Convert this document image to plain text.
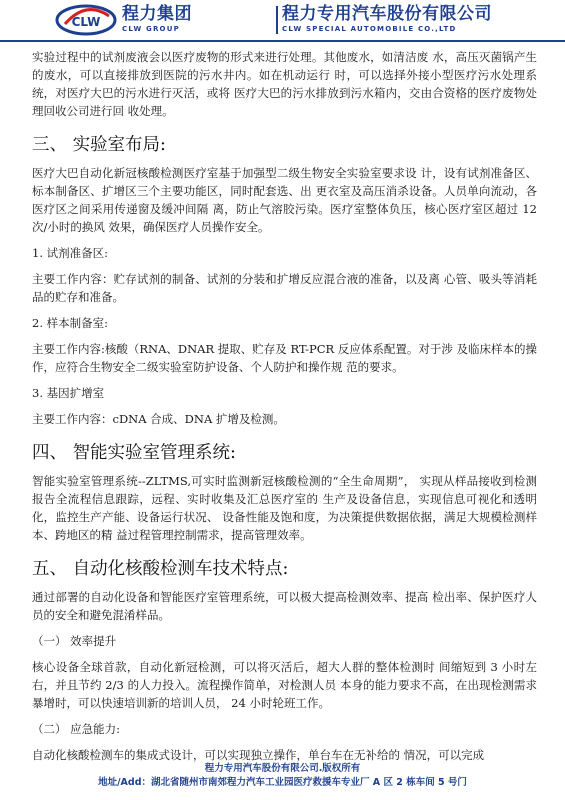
CLW 程力集团
CLW GROUP
程力专用汽车股份有限公司
CLW SPECIAL AUTOMOBILE CO.,LTD

实验过程中的试剂废液会以医疗废物的形式来进行处理。其他废水，如清洁废 水，高压灭菌锅产生的废水，可以直接排放到医院的污水井内。如在机动运行 时，可以选择外接小型医疗污水处理系统，对医疗大巴的污水进行灭活，或将 医疗大巴的污水排放到污水箱内，交由合资格的医疗废物处理回收公司进行回 收处理。

三、 实验室布局:

医疗大巴自动化新冠核酸检测医疗室基于加强型二级生物安全实验室要求设 计，设有试剂准备区、标本制备区、扩增区三个主要功能区，同时配套选、出 更衣室及高压消杀设备。人员单向流动，各医疗区之间采用传递窗及缓冲间隔 离，防止气溶胶污染。医疗室整体负压，核心医疗室区超过 12 次/小时的换风 效果，确保医疗人员操作安全。

1. 试剂准备区:

主要工作内容：贮存试剂的制备、试剂的分装和扩增反应混合液的准备，以及离 心管、吸头等消耗品的贮存和准备。

2. 样本制备室:

主要工作内容:核酸（RNA、DNAR 提取、贮存及 RT-PCR 反应体系配置。对于涉 及临床样本的操作，应符合生物安全二级实验室防护设备、个人防护和操作规 范的要求。

3. 基因扩增室

主要工作内容：cDNA 合成、DNA 扩增及检测。

四、 智能实验室管理系统:

智能实验室管理系统--ZLTMS,可实时监测新冠核酸检测的“全生命周期”， 实现从样品接收到检测报告全流程信息跟踪，远程、实时收集及汇总医疗室的 生产及设备信息，实现信息可视化和透明化，监控生产产能、设备运行状况、 设备性能及饱和度，为决策提供数据依据，满足大规模检测样本、跨地区的精 益过程管理控制需求，提高管理效率。

五、 自动化核酸检测车技术特点:

通过部署的自动化设备和智能医疗室管理系统，可以极大提高检测效率、提高 检出率、保护医疗人员的安全和避免混淆样品。

（一） 效率提升

核心设备全球首款，自动化新冠检测，可以将灭活后，超大人群的整体检测时 间缩短到 3 小时左右，并且节约 2/3 的人力投入。流程操作简单，对检测人员 本身的能力要求不高，在出现检测需求暴增时，可以快速培训新的培训人员， 24 小时轮班工作。

（二） 应急能力:

自动化核酸检测车的集成式设计，可以实现独立操作，单台车在无补给的 情况，可以完成

程力专用汽车股份有限公司.版权所有
地址/Add：湖北省随州市南郊程力汽车工业园医疗救援车专业厂 A 区 2 栋车间 5 号门
